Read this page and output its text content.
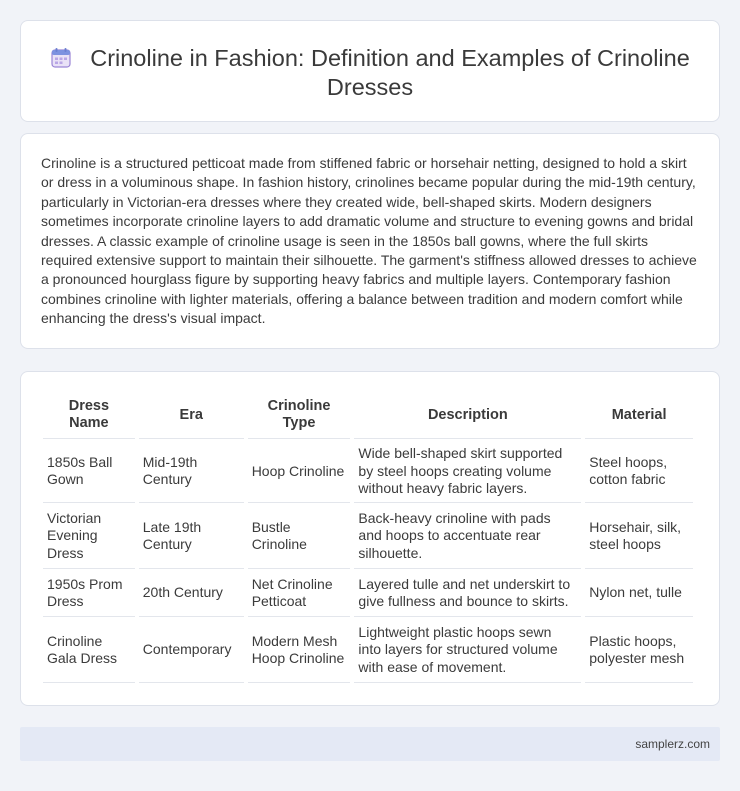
Crinoline in Fashion: Definition and Examples of Crinoline Dresses

Crinoline is a structured petticoat made from stiffened fabric or horsehair netting, designed to hold a skirt or dress in a voluminous shape. In fashion history, crinolines became popular during the mid-19th century, particularly in Victorian-era dresses where they created wide, bell-shaped skirts. Modern designers sometimes incorporate crinoline layers to add dramatic volume and structure to evening gowns and bridal dresses. A classic example of crinoline usage is seen in the 1850s ball gowns, where the full skirts required extensive support to maintain their silhouette. The garment's stiffness allowed dresses to achieve a pronounced hourglass figure by supporting heavy fabrics and multiple layers. Contemporary fashion combines crinoline with lighter materials, offering a balance between tradition and modern comfort while enhancing the dress's visual impact.

Dress Name	Era	Crinoline Type	Description	Material
1850s Ball Gown	Mid-19th Century	Hoop Crinoline	Wide bell-shaped skirt supported by steel hoops creating volume without heavy fabric layers.	Steel hoops, cotton fabric
Victorian Evening Dress	Late 19th Century	Bustle Crinoline	Back-heavy crinoline with pads and hoops to accentuate rear silhouette.	Horsehair, silk, steel hoops
1950s Prom Dress	20th Century	Net Crinoline Petticoat	Layered tulle and net underskirt to give fullness and bounce to skirts.	Nylon net, tulle
Crinoline Gala Dress	Contemporary	Modern Mesh Hoop Crinoline	Lightweight plastic hoops sewn into layers for structured volume with ease of movement.	Plastic hoops, polyester mesh
samplerz.com
